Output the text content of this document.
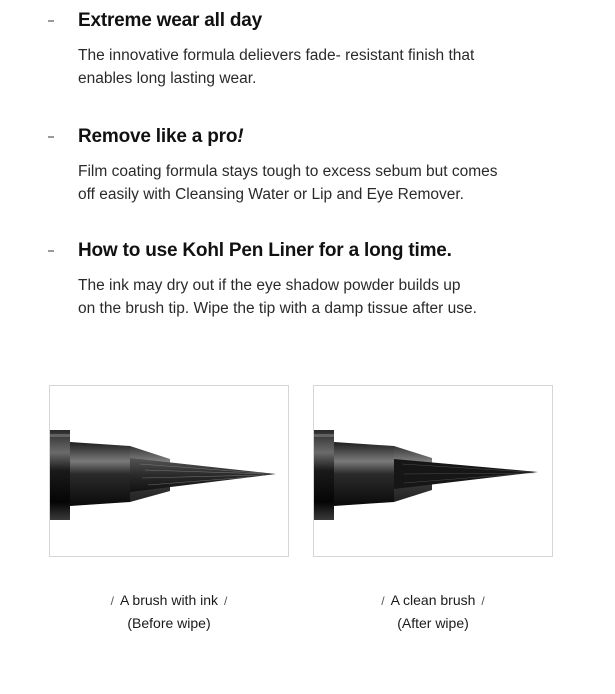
Extreme wear all day
The innovative formula delievers fade- resistant finish that
enables long lasting wear.
Remove like a pro!
Film coating formula stays tough to excess sebum but comes
off easily with Cleansing Water or Lip and Eye Remover.
How to use Kohl Pen Liner for a long time.
The ink may dry out if the eye shadow powder builds up
on the brush tip. Wipe the tip with a damp tissue after use.
/ A brush with ink /
(Before wipe)
/ A clean brush /
(After wipe)
